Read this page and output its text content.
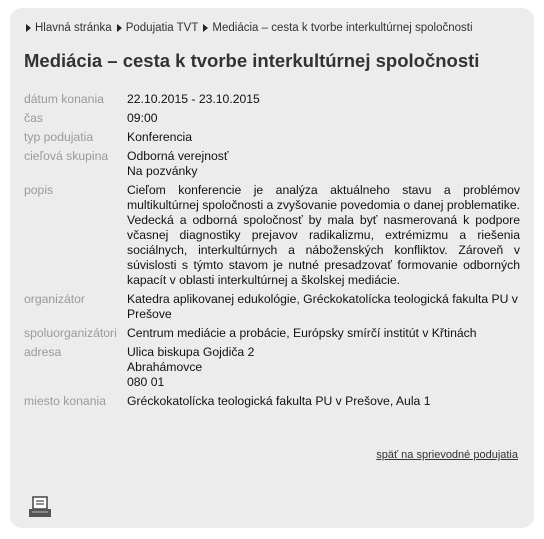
Hlavná stránka Podujatia TVT Mediácia – cesta k tvorbe interkultúrnej spoločnosti
Mediácia – cesta k tvorbe interkultúrnej spoločnosti
dátum konania	22.10.2015 - 23.10.2015
čas	09:00
typ podujatia	Konferencia
cieľová skupina	Odborná verejnosť
Na pozvánky
popis	Cieľom konferencie je analýza aktuálneho stavu a problémov multikultúrnej spoločnosti a zvyšovanie povedomia o danej problematike. Vedecká a odborná spoločnosť by mala byť nasmerovaná k podpore včasnej diagnostiky prejavov radikalizmu, extrémizmu a riešenia sociálnych, interkultúrnych a náboženských konfliktov. Zároveň v súvislosti s týmto stavom je nutné presadzovať formovanie odborných kapacít v oblasti interkultúrnej a školskej mediácie.
organizátor	Katedra aplikovanej edukológie, Gréckokatolícka teologická fakulta PU v Prešove
spoluorganizátori Centrum mediácie a probácie, Európsky smírčí institút v Křtinách
adresa	Ulica biskupa Gojdiča 2
Abrahámovce
080 01
miesto konania	Gréckokatolícka teologická fakulta PU v Prešove, Aula 1
späť na sprievodné podujatia
